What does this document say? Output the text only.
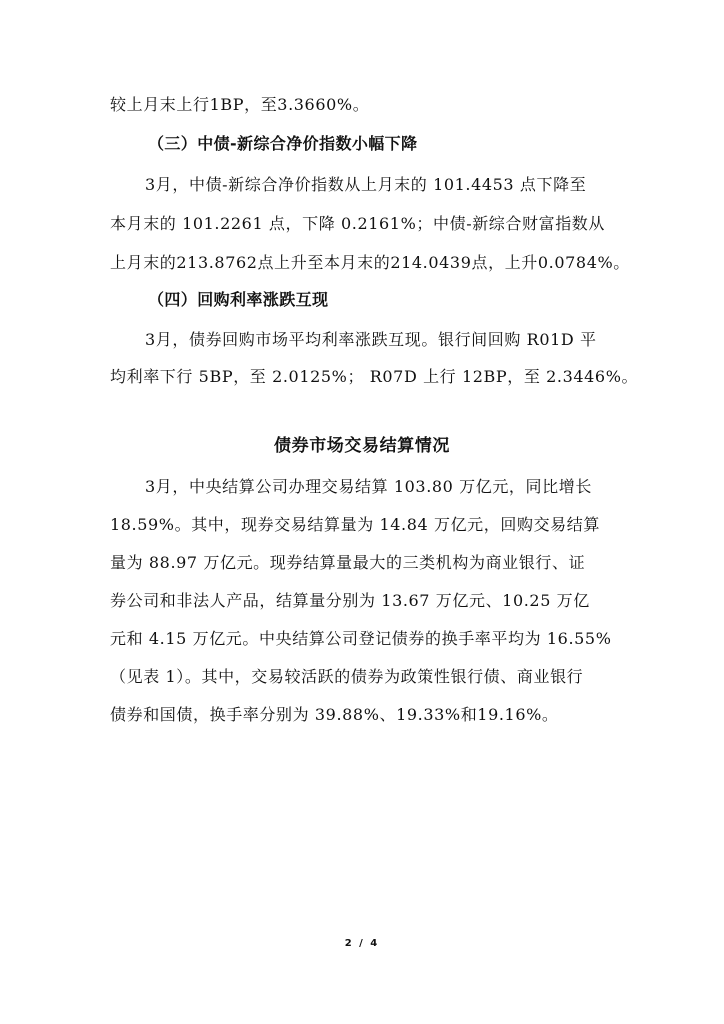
较上月末上行1BP，至3.3660%。
（三）中债-新综合净价指数小幅下降
3月，中债-新综合净价指数从上月末的 101.4453 点下降至
本月末的 101.2261 点，下降 0.2161%；中债-新综合财富指数从
上月末的213.8762点上升至本月末的214.0439点，上升0.0784%。
（四）回购利率涨跌互现
3月，债券回购市场平均利率涨跌互现。银行间回购 R01D 平
均利率下行 5BP，至 2.0125%； R07D 上行 12BP，至 2.3446%。
债券市场交易结算情况
3月，中央结算公司办理交易结算 103.80 万亿元，同比增长
18.59%。其中，现券交易结算量为 14.84 万亿元，回购交易结算
量为 88.97 万亿元。现券结算量最大的三类机构为商业银行、证
券公司和非法人产品，结算量分别为 13.67 万亿元、10.25 万亿
元和 4.15 万亿元。中央结算公司登记债券的换手率平均为 16.55%
（见表 1）。其中，交易较活跃的债券为政策性银行债、商业银行
债券和国债，换手率分别为 39.88%、19.33%和19.16%。
2 / 4
